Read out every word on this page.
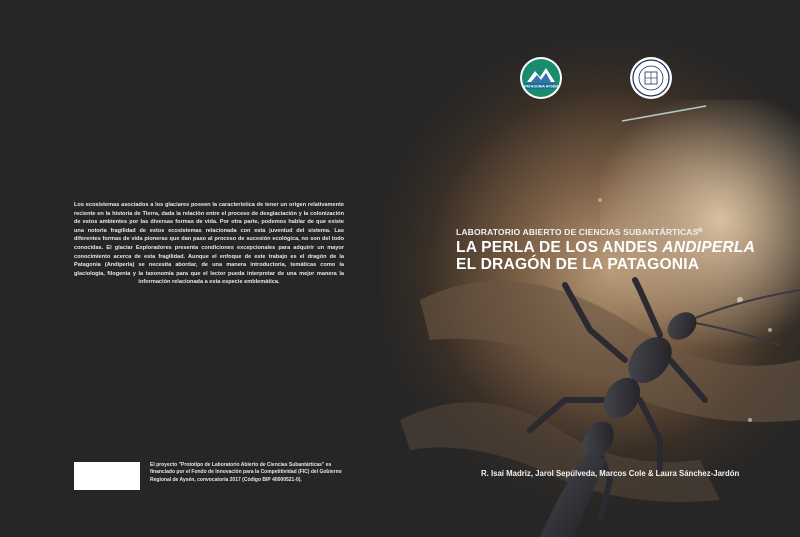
Los ecosistemas asociados a los glaciares poseen la característica de tener un origen relativamente reciente en la historia de Tierra, dada la relación entre el proceso de desglaciación y la colonización de estos ambientes por las diversas formas de vida. Por otra parte, podemos hablar de que existe una notoria fragilidad de estos ecosistemas relacionada con esta juventud del sistema. Las diferentes formas de vida pioneras que dan paso al proceso de sucesión ecológica, no son del todo conocidas. El glaciar Exploradores presenta condiciones excepcionales para adquirir un mayor conocimiento acerca de esta fragilidad. Aunque el enfoque de este trabajo es el dragón de la Patagonia (Andiperla) se necesita abordar, de una manera introductoria, temáticas como la glaciología, filogenia y la taxonomía para que el lector pueda interpretar de una mejor manera la información relacionada a esta especie emblemática.
El proyecto "Prototipo de Laboratorio Abierto de Ciencias Subantárticas" es financiado por el Fondo de Innovación para la Competitividad (FIC) del Gobierno Regional de Aysén, convocatoria 2017 (Código BIP 40000521-0).
PATAGONIA AYSÉN
LABORATORIO ABIERTO DE CIENCIAS SUBANTÁRTICAS
LA PERLA DE LOS ANDES ANDIPERLA
EL DRAGÓN DE LA PATAGONIA
R. Isaí Madriz, Jarol Sepúlveda, Marcos Cole & Laura Sánchez-Jardón
